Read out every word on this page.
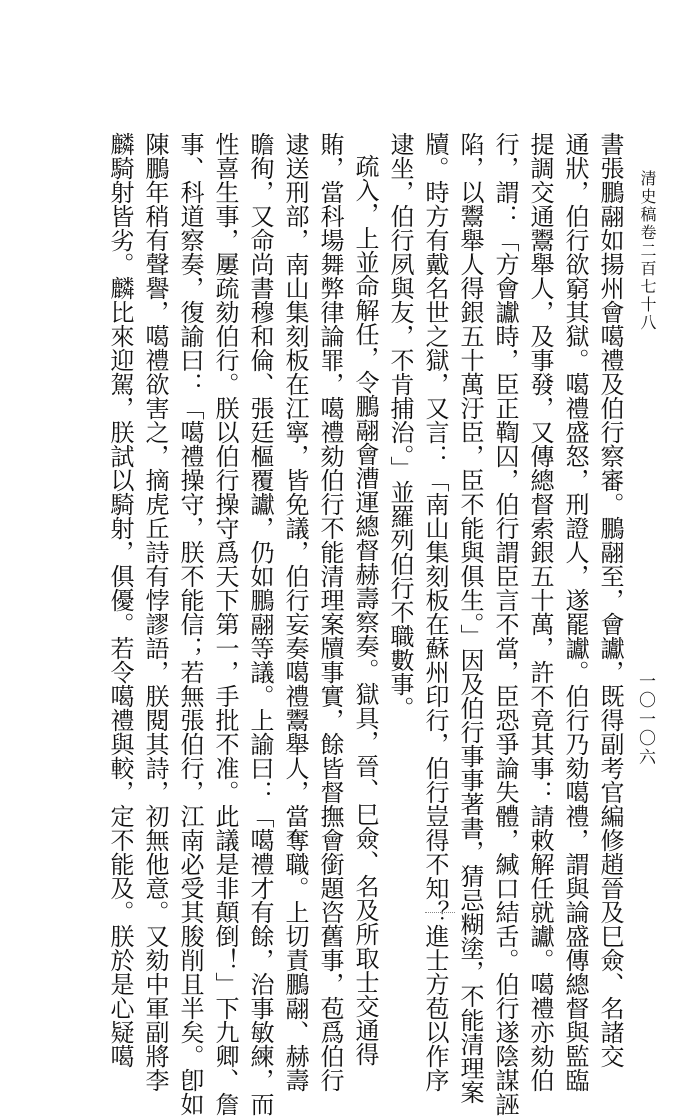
清史稿卷二百七十八
一〇一〇六
書張鵬翮如揚州會噶禮及伯行察審。鵬翮至，會讞，既得副考官編修趙晉及巳僉、名諸交
通狀，伯行欲窮其獄。噶禮盛怒，刑證人，遂罷讞。伯行乃劾噶禮，謂與論盛傳總督與監臨
提調交通鬻舉人，及事發，又傳總督索銀五十萬，許不竟其事：請敕解任就讞。噶禮亦劾伯
行，謂：「方會讞時，臣正鞫囚，伯行謂臣言不當，臣恐爭論失體，緘口結舌。伯行遂陰謀誣
陷，以鬻舉人得銀五十萬汙臣，臣不能與俱生。」因及伯行事事著書，猜忌糊塗，不能清理案
牘。時方有戴名世之獄，又言：「南山集刻板在蘇州印行，伯行豈得不知？進士方苞以作序
逮坐，伯行夙與友，不肯捕治。」並羅列伯行不職數事。
疏入，上並命解任，令鵬翮會漕運總督赫壽察奏。獄具，晉、巳僉、名及所取士交通得
賄，當科場舞弊律論罪，噶禮劾伯行不能清理案牘事實，餘皆督撫會銜題咨舊事，苞爲伯行
逮送刑部，南山集刻板在江寧，皆免議，伯行妄奏噶禮鬻舉人，當奪職。上切責鵬翮、赫壽
瞻徇，又命尚書穆和倫、張廷樞覆讞，仍如鵬翮等議。上諭曰：「噶禮才有餘，治事敏練，而
性喜生事，屢疏劾伯行。朕以伯行操守爲天下第一，手批不准。此議是非顛倒！」下九卿、詹
事、科道察奏，復諭曰：「噶禮操守，朕不能信；若無張伯行，江南必受其朘削且半矣。卽如
陳鵬年稍有聲譽，噶禮欲害之，摘虎丘詩有悖謬語，朕閱其詩，初無他意。又劾中軍副將李
麟騎射皆劣。麟比來迎駕，朕試以騎射，俱優。若令噶禮與較，定不能及。朕於是心疑噶
